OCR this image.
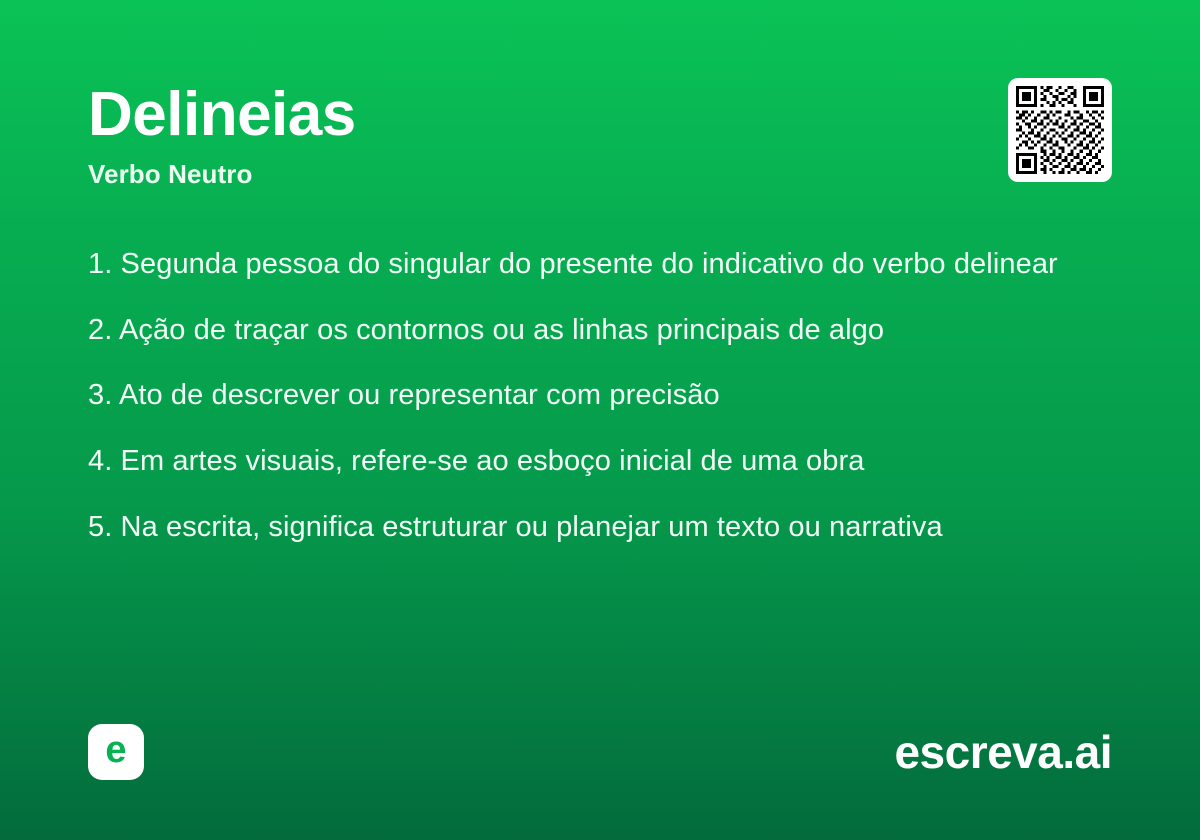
Delineias
Verbo Neutro

1. Segunda pessoa do singular do presente do indicativo do verbo delinear

2. Ação de traçar os contornos ou as linhas principais de algo

3. Ato de descrever ou representar com precisão

4. Em artes visuais, refere-se ao esboço inicial de uma obra

5. Na escrita, significa estruturar ou planejar um texto ou narrativa

e	escreva.ai
